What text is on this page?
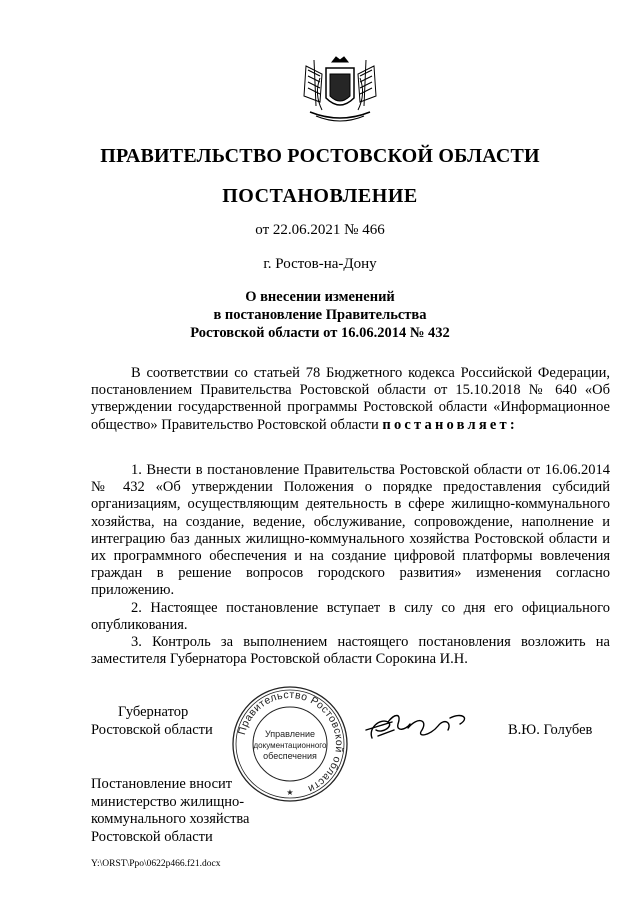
ПРАВИТЕЛЬСТВО РОСТОВСКОЙ ОБЛАСТИ
ПОСТАНОВЛЕНИЕ
от 22.06.2021 № 466
г. Ростов-на-Дону
О внесении изменений
в постановление Правительства
Ростовской области от 16.06.2014 № 432

В соответствии со статьей 78 Бюджетного кодекса Российской Федерации, постановлением Правительства Ростовской области от 15.10.2018 № 640 «Об утверждении государственной программы Ростовской области «Информационное общество» Правительство Ростовской области постановляет:

1. Внести в постановление Правительства Ростовской области от 16.06.2014 № 432 «Об утверждении Положения о порядке предоставления субсидий организациям, осуществляющим деятельность в сфере жилищно-коммунального хозяйства, на создание, ведение, обслуживание, сопровождение, наполнение и интеграцию баз данных жилищно-коммунального хозяйства Ростовской области и их программного обеспечения и на создание цифровой платформы вовлечения граждан в решение вопросов городского развития» изменения согласно приложению.

2. Настоящее постановление вступает в силу со дня его официального опубликования.

3. Контроль за выполнением настоящего постановления возложить на заместителя Губернатора Ростовской области Сорокина И.Н.

Губернатор
Ростовской области Правительство Ростовской области
Управление
документационного
обеспечения
★
В.Ю. Голубев
Постановление вносит
министерство жилищно-
коммунального хозяйства
Ростовской области
Y:\ORST\Ppo\0622p466.f21.docx
